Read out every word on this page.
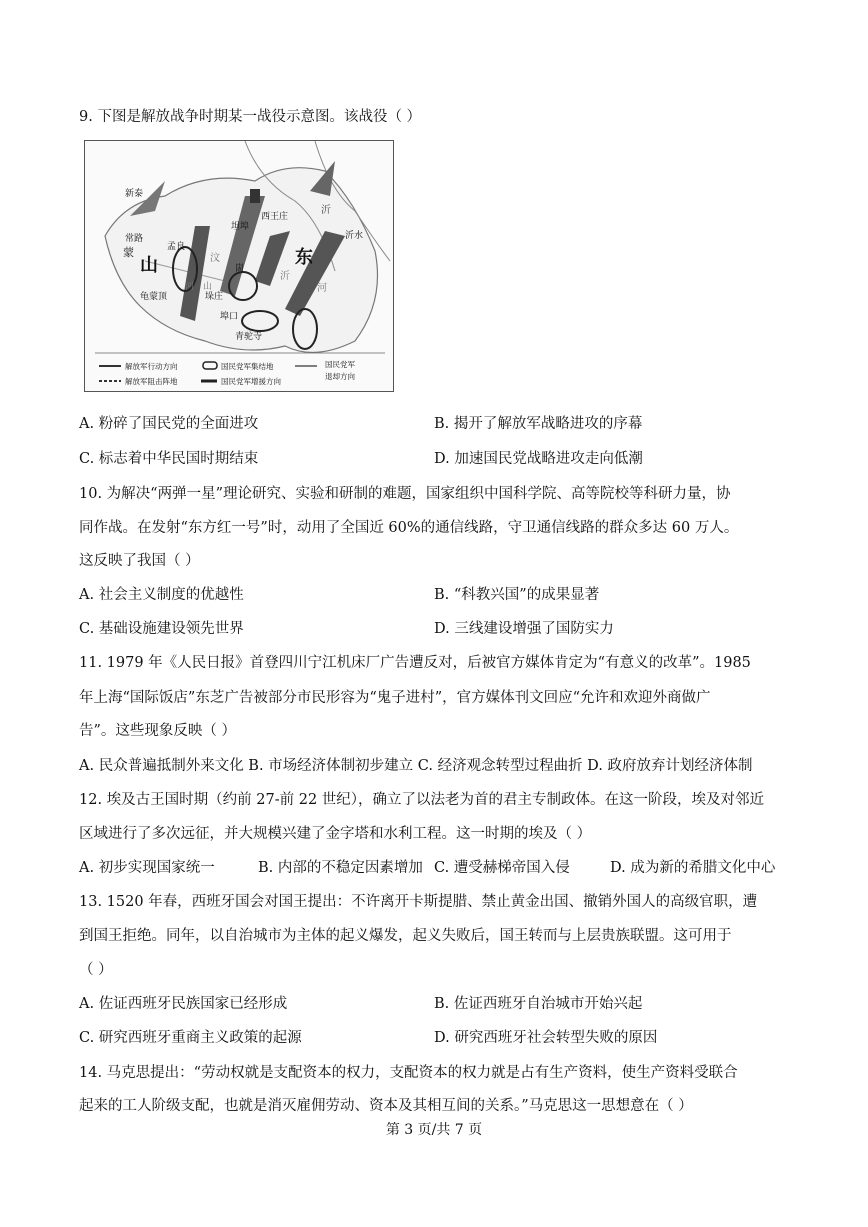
9. 下图是解放战争时期某一战役示意图。该战役（ ）
新泰
西王庄
坦埠
沂
沂水
蒙
常路
孟良
山	东
崮
汶
沂
河
垛庄
龟蒙顶
埠口
河 山
青驼寺
解放军行动方向	国民党军集结地	国民党军
解放军阻击阵地	国民党军增援方向
退却方向
A. 粉碎了国民党的全面进攻	B. 揭开了解放军战略进攻的序幕
C. 标志着中华民国时期结束	D. 加速国民党战略进攻走向低潮
10. 为解决“两弹一星”理论研究、实验和研制的难题，国家组织中国科学院、高等院校等科研力量，协
同作战。在发射“东方红一号”时，动用了全国近 60%的通信线路，守卫通信线路的群众多达 60 万人。
这反映了我国（ ）
A. 社会主义制度的优越性	B. “科教兴国”的成果显著
C. 基础设施建设领先世界	D. 三线建设增强了国防实力
11. 1979 年《人民日报》首登四川宁江机床厂广告遭反对，后被官方媒体肯定为“有意义的改革”。1985
年上海“国际饭店”东芝广告被部分市民形容为“鬼子进村”，官方媒体刊文回应“允许和欢迎外商做广
告”。这些现象反映（ ）
A. 民众普遍抵制外来文化 B. 市场经济体制初步建立 C. 经济观念转型过程曲折 D. 政府放弃计划经济体制
12. 埃及古王国时期（约前 27-前 22 世纪），确立了以法老为首的君主专制政体。在这一阶段，埃及对邻近
区域进行了多次远征，并大规模兴建了金字塔和水利工程。这一时期的埃及（ ）
A. 初步实现国家统一	B. 内部的不稳定因素增加 C. 遭受赫梯帝国入侵	D. 成为新的希腊文化中心
13. 1520 年春，西班牙国会对国王提出：不许离开卡斯提腊、禁止黄金出国、撤销外国人的高级官职，遭
到国王拒绝。同年，以自治城市为主体的起义爆发，起义失败后，国王转而与上层贵族联盟。这可用于
（ ）
A. 佐证西班牙民族国家已经形成	B. 佐证西班牙自治城市开始兴起
C. 研究西班牙重商主义政策的起源	D. 研究西班牙社会转型失败的原因
14. 马克思提出：“劳动权就是支配资本的权力，支配资本的权力就是占有生产资料，使生产资料受联合
起来的工人阶级支配，也就是消灭雇佣劳动、资本及其相互间的关系。”马克思这一思想意在（ ）
第 3 页/共 7 页
